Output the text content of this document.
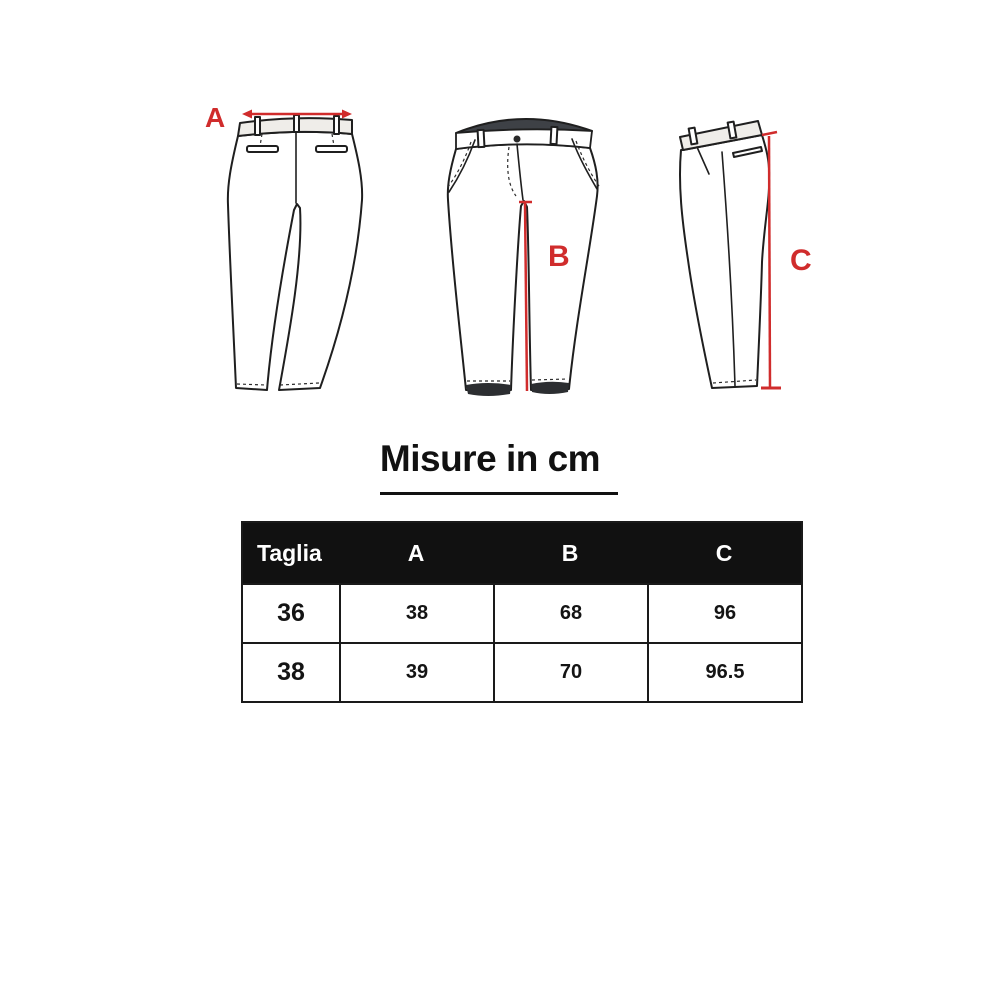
A
B	C
Misure in cm
Taglia	A	B	C
36	38	68	96
38	39	70	96.5
